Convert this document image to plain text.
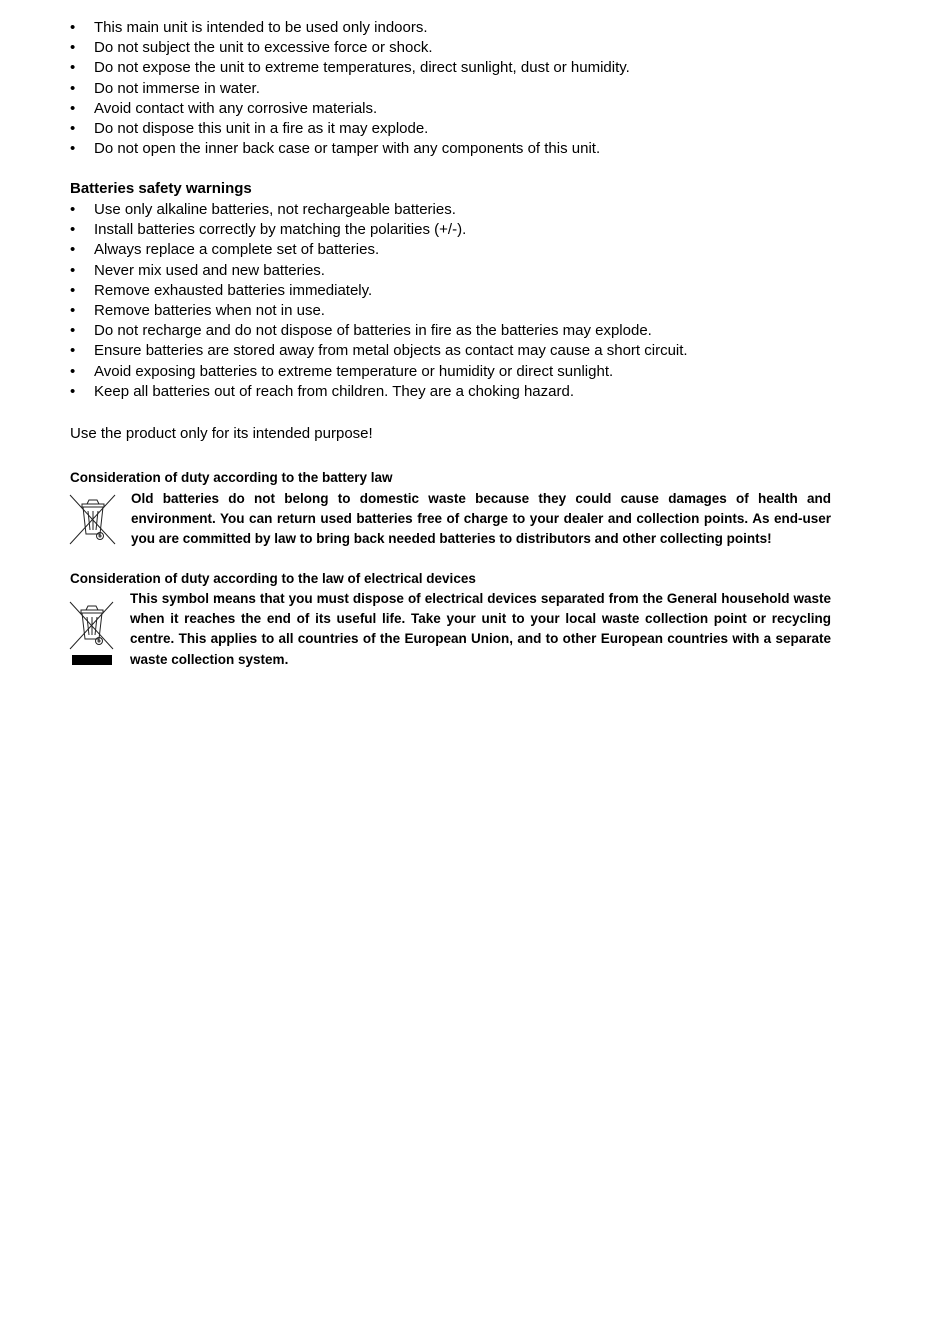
• This main unit is intended to be used only indoors.
• Do not subject the unit to excessive force or shock.
• Do not expose the unit to extreme temperatures, direct sunlight, dust or humidity.
• Do not immerse in water.
• Avoid contact with any corrosive materials.
• Do not dispose this unit in a fire as it may explode.
• Do not open the inner back case or tamper with any components of this unit.
Batteries safety warnings
• Use only alkaline batteries, not rechargeable batteries.
• Install batteries correctly by matching the polarities (+/-).
• Always replace a complete set of batteries.
• Never mix used and new batteries.
• Remove exhausted batteries immediately.
• Remove batteries when not in use.
• Do not recharge and do not dispose of batteries in fire as the batteries may explode.
• Ensure batteries are stored away from metal objects as contact may cause a short circuit.
• Avoid exposing batteries to extreme temperature or humidity or direct sunlight.
• Keep all batteries out of reach from children. They are a choking hazard.
Use the product only for its intended purpose!
Consideration of duty according to the battery law
Old batteries do not belong to domestic waste because they could cause damages of health and environment. You can return used batteries free of charge to your dealer and collection points. As end-user you are committed by law to bring back needed batteries to distributors and other collecting points!
Consideration of duty according to the law of electrical devices
This symbol means that you must dispose of electrical devices separated from the General household waste when it reaches the end of its useful life. Take your unit to your local waste collection point or recycling centre. This applies to all countries of the European Union, and to other European countries with a separate waste collection system.
